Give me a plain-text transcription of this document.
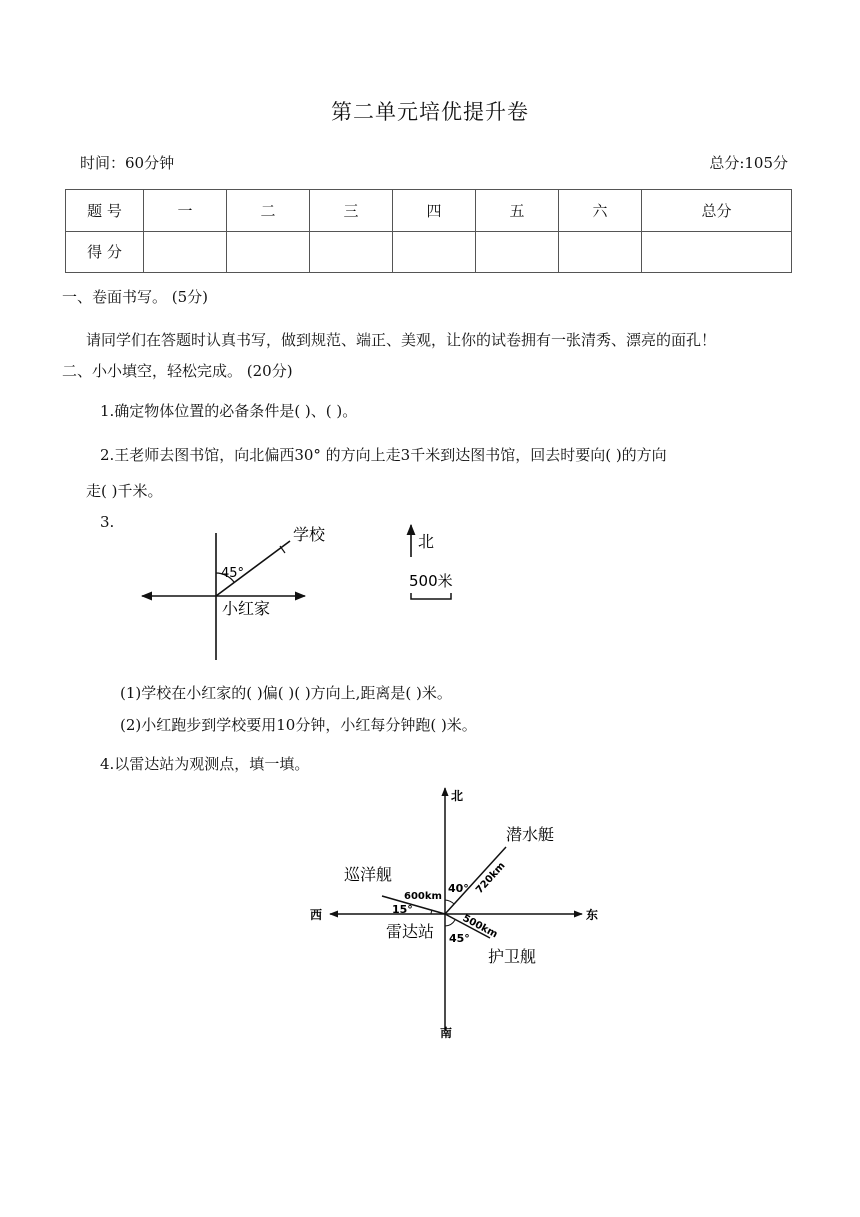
第二单元培优提升卷
时间：60分钟	总分:105分
题 号	一	二	三	四	五	六	总分
得 分							
一、卷面书写。 (5分)
请同学们在答题时认真书写，做到规范、端正、美观，让你的试卷拥有一张清秀、漂亮的面孔！
二、小小填空，轻松完成。 (20分)
1.确定物体位置的必备条件是( )、( )。
2.王老师去图书馆，向北偏西30° 的方向上走3千米到达图书馆，回去时要向( )的方向
走( )千米。
3.
45°
学校
小红家
北
500米
(1)学校在小红家的( )偏( )( )方向上,距离是( )米。
(2)小红跑步到学校要用10分钟，小红每分钟跑( )米。
4.以雷达站为观测点，填一填。
北
南
东
西
潜水艇
巡洋舰
护卫舰
雷达站
40°
15°
45°
600km
720km
500km
